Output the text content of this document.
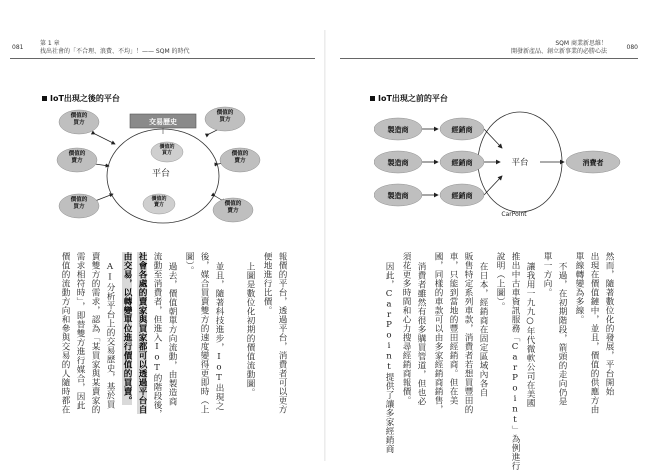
081
第 1 章
找出社會的「不合理、浪費、不均」！—— SQM 的時代
SQM 商業新思維！
開發新產品、創立新事業的必勝心法
080
IoT出現之後的平台	IoT出現之前的平台
交易歷史
平台
價值的
買方
價值的
賣方
價值的
買方
價值的
買方
價值的
賣方
價值的
賣方
價值的
買方
價值的
賣方
製造商
製造商
製造商
經銷商
經銷商
經銷商
消費者
平台
CarPoint
然而，隨著數位化的發展，平台開始
出現在價值鏈中，並且，價值的供應方由
單線轉變為多線。
不過，在初期階段，箭頭的走向仍是
單一方向。
讓我用一九九○年代微軟公司在美國
推出中古車資訊服務「CarPoint」為例進行
說明（上圖）。
在日本，經銷商在固定區域內各自
販售特定系列車款，消費者若想買豐田的
車，只能到當地的豐田經銷商。但在美
國，同樣的車款可以由多家經銷商銷售，
消費者雖然有很多購買管道，但也必
須花更多時間和心力搜尋經銷商報價。
因此，CarPoint提供了讓多家經銷商
報價的平台，透過平台，消費者可以更方
便地進行比價。
上圖是數位化初期的價值流動圖。
並且，隨著科技進步，IoT出現之
後，媒合買賣雙方的速度變得更即時（上
圖）。
過去，價值朝單方向流動，由製造商
流動至消費者，但進入IoT的階段後，
社會各處的賣家與買家都可以透過平台自
由交易，以轉變單位進行價值的買賣。
AI分析平台上的交易歷史，基於買
賣雙方的需求，認為「某買家與某賣家的
需求相符時」，即替雙方進行媒合，因此
價值的流動方向和參與交易的人隨時都在
